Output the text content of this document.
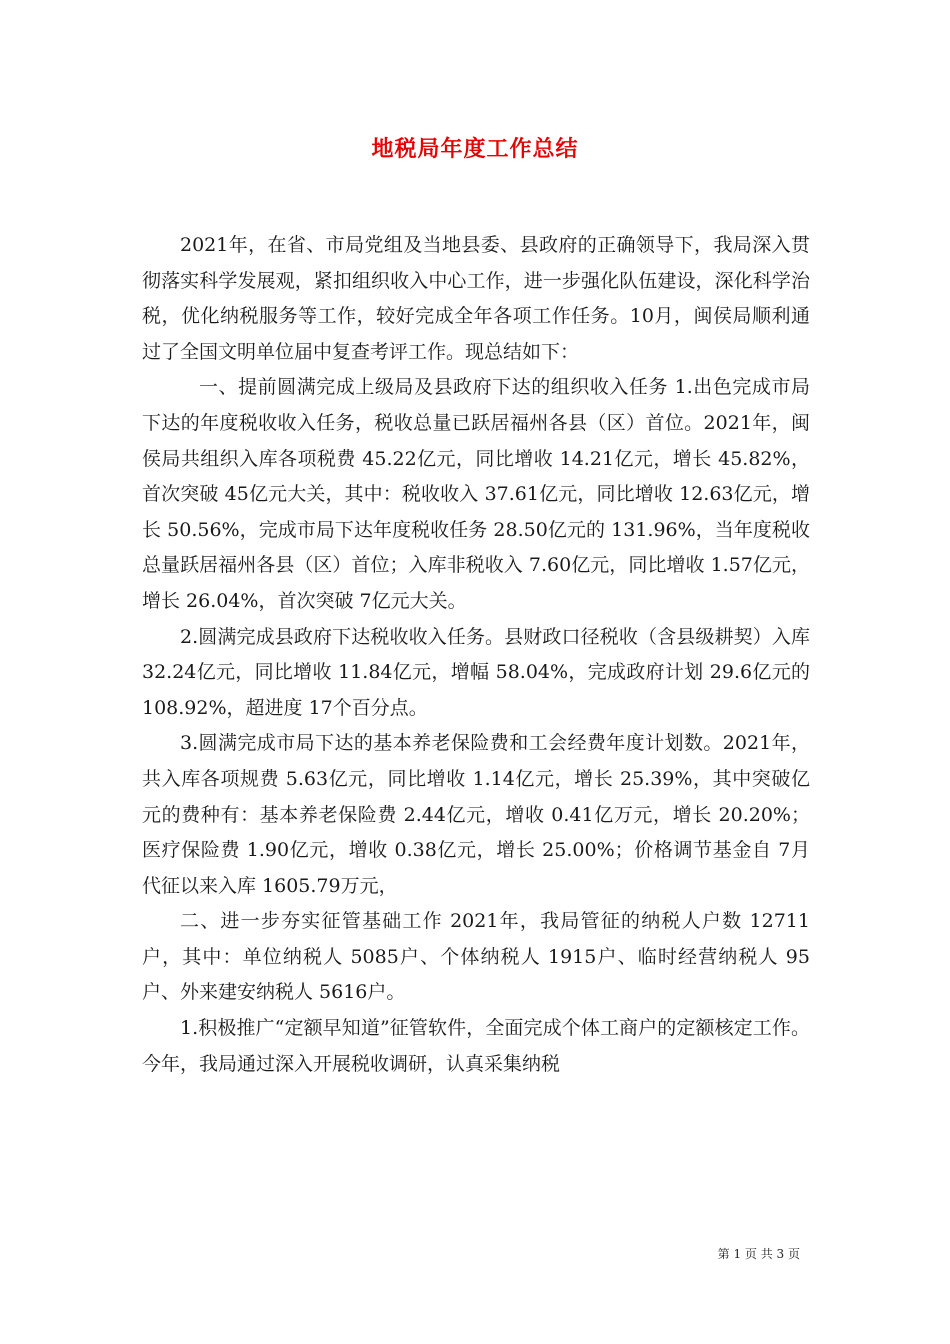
地税局年度工作总结

2021年，在省、市局党组及当地县委、县政府的正确领导下，我局深入贯彻落实科学发展观，紧扣组织收入中心工作，进一步强化队伍建设，深化科学治税，优化纳税服务等工作，较好完成全年各项工作任务。10月，闽侯局顺利通过了全国文明单位届中复查考评工作。现总结如下：

一、提前圆满完成上级局及县政府下达的组织收入任务 1.出色完成市局下达的年度税收收入任务，税收总量已跃居福州各县（区）首位。2021年，闽侯局共组织入库各项税费 45.22亿元，同比增收 14.21亿元，增长 45.82%，首次突破 45亿元大关，其中：税收收入 37.61亿元，同比增收 12.63亿元，增长 50.56%，完成市局下达年度税收任务 28.50亿元的 131.96%，当年度税收总量跃居福州各县（区）首位；入库非税收入 7.60亿元，同比增收 1.57亿元，增长 26.04%，首次突破 7亿元大关。

2.圆满完成县政府下达税收收入任务。县财政口径税收（含县级耕契）入库 32.24亿元，同比增收 11.84亿元，增幅 58.04%，完成政府计划 29.6亿元的 108.92%，超进度 17个百分点。

3.圆满完成市局下达的基本养老保险费和工会经费年度计划数。2021年，共入库各项规费 5.63亿元，同比增收 1.14亿元，增长 25.39%，其中突破亿元的费种有：基本养老保险费 2.44亿元，增收 0.41亿万元，增长 20.20%；医疗保险费 1.90亿元，增收 0.38亿元，增长 25.00%；价格调节基金自 7月代征以来入库 1605.79万元，

二、进一步夯实征管基础工作 2021年，我局管征的纳税人户数 12711户，其中：单位纳税人 5085户、个体纳税人 1915户、临时经营纳税人 95户、外来建安纳税人 5616户。

1.积极推广“定额早知道”征管软件，全面完成个体工商户的定额核定工作。今年，我局通过深入开展税收调研，认真采集纳税

第 1 页 共 3 页
